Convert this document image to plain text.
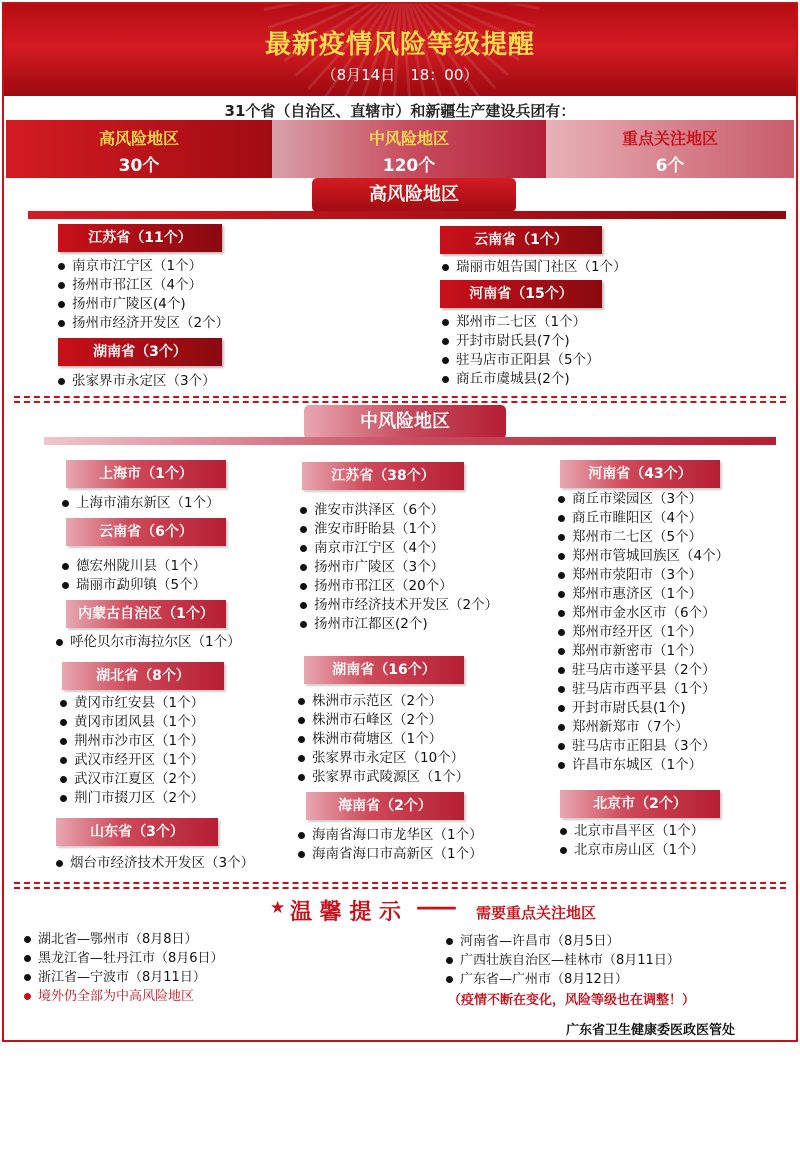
最新疫情风险等级提醒
（8月14日　18：00）
31个省（自治区、直辖市）和新疆生产建设兵团有：
高风险地区
30个
中风险地区
120个
重点关注地区
6个
高风险地区
江苏省（11个）
南京市江宁区（1个）
扬州市邗江区（4个）
扬州市广陵区(4个)
扬州市经济开发区（2个）
湖南省（3个）
张家界市永定区（3个）
云南省（1个）
瑞丽市姐告国门社区（1个）
河南省（15个）
郑州市二七区（1个）
开封市尉氏县(7个)
驻马店市正阳县（5个）
商丘市虞城县(2个)
中风险地区
上海市（1个）
上海市浦东新区（1个）
云南省（6个）
德宏州陇川县（1个）
瑞丽市勐卯镇（5个）
内蒙古自治区（1个）
呼伦贝尔市海拉尔区（1个）
湖北省（8个）
黄冈市红安县（1个）
黄冈市团风县（1个）
荆州市沙市区（1个）
武汉市经开区（1个）
武汉市江夏区（2个）
荆门市掇刀区（2个）
山东省（3个）
烟台市经济技术开发区（3个）
江苏省（38个）
淮安市洪泽区（6个）
淮安市盱眙县（1个）
南京市江宁区（4个）
扬州市广陵区（3个）
扬州市邗江区（20个）
扬州市经济技术开发区（2个）
扬州市江都区(2个)
湖南省（16个）
株洲市示范区（2个）
株洲市石峰区（2个）
株洲市荷塘区（1个）
张家界市永定区（10个）
张家界市武陵源区（1个）
海南省（2个）
海南省海口市龙华区（1个）
海南省海口市高新区（1个）
河南省（43个）
商丘市梁园区（3个）
商丘市睢阳区（4个）
郑州市二七区（5个）
郑州市管城回族区（4个）
郑州市荥阳市（3个）
郑州市惠济区（1个）
郑州市金水区市（6个）
郑州市经开区（1个）
郑州市新密市（1个）
驻马店市遂平县（2个）
驻马店市西平县（1个）
开封市尉氏县(1个)
郑州新郑市（7个）
驻马店市正阳县（3个）
许昌市东城区（1个）
北京市（2个）
北京市昌平区（1个）
北京市房山区（1个）
★ 温 馨 提 示 —— 需要重点关注地区
湖北省—鄂州市（8月8日）
黑龙江省—牡丹江市（8月6日）
浙江省—宁波市（8月11日）
境外仍全部为中高风险地区
河南省—许昌市（8月5日）
广西壮族自治区—桂林市（8月11日）
广东省—广州市（8月12日）
（疫情不断在变化，风险等级也在调整！）
广东省卫生健康委医政医管处
